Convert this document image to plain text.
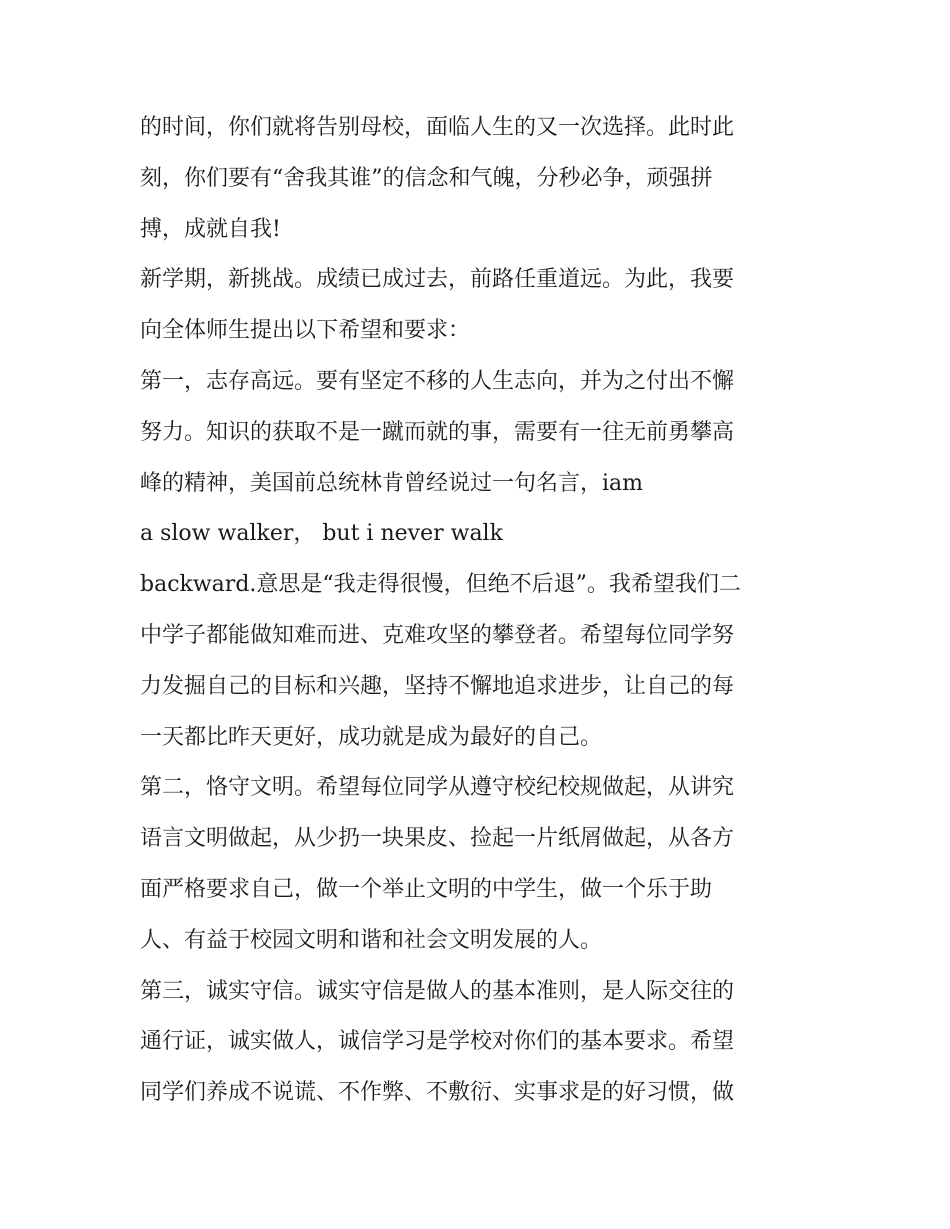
的时间，你们就将告别母校，面临人生的又一次选择。此时此
刻，你们要有“舍我其谁”的信念和气魄，分秒必争，顽强拼
搏，成就自我!
新学期，新挑战。成绩已成过去，前路任重道远。为此，我要
向全体师生提出以下希望和要求：
第一，志存高远。要有坚定不移的人生志向，并为之付出不懈
努力。知识的获取不是一蹴而就的事，需要有一往无前勇攀高
峰的精神，美国前总统林肯曾经说过一句名言，iam
a slow walker， but i never walk
backward.意思是“我走得很慢，但绝不后退”。我希望我们二
中学子都能做知难而进、克难攻坚的攀登者。希望每位同学努
力发掘自己的目标和兴趣，坚持不懈地追求进步，让自己的每
一天都比昨天更好，成功就是成为最好的自己。
第二，恪守文明。希望每位同学从遵守校纪校规做起，从讲究
语言文明做起，从少扔一块果皮、捡起一片纸屑做起，从各方
面严格要求自己，做一个举止文明的中学生，做一个乐于助
人、有益于校园文明和谐和社会文明发展的人。
第三，诚实守信。诚实守信是做人的基本准则，是人际交往的
通行证，诚实做人，诚信学习是学校对你们的基本要求。希望
同学们养成不说谎、不作弊、不敷衍、实事求是的好习惯，做
